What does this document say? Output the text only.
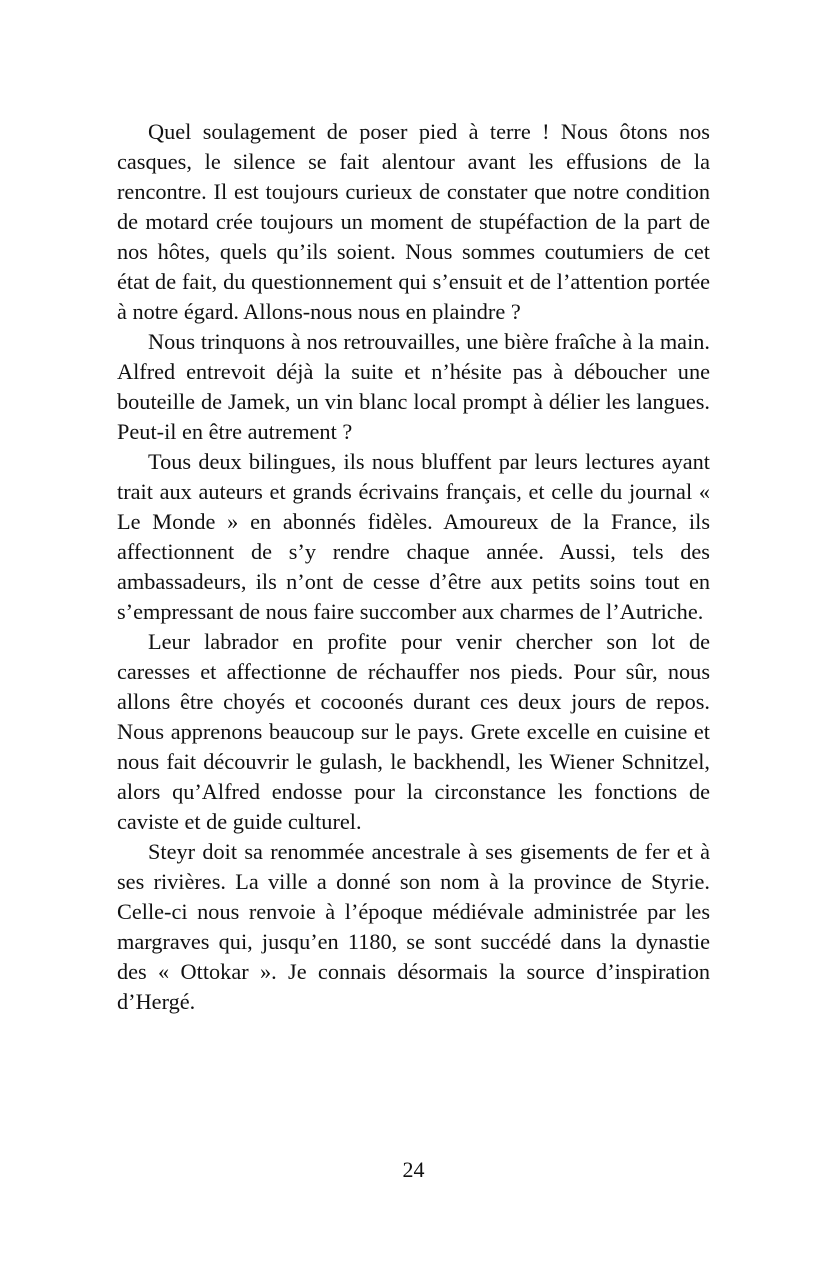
Quel soulagement de poser pied à terre ! Nous ôtons nos casques, le silence se fait alentour avant les effusions de la rencontre. Il est toujours curieux de constater que notre condition de motard crée toujours un moment de stupéfaction de la part de nos hôtes, quels qu’ils soient. Nous sommes coutumiers de cet état de fait, du questionnement qui s’ensuit et de l’attention portée à notre égard. Allons-nous nous en plaindre ?

Nous trinquons à nos retrouvailles, une bière fraîche à la main. Alfred entrevoit déjà la suite et n’hésite pas à déboucher une bouteille de Jamek, un vin blanc local prompt à délier les langues. Peut-il en être autrement ?

Tous deux bilingues, ils nous bluffent par leurs lectures ayant trait aux auteurs et grands écrivains français, et celle du journal « Le Monde » en abonnés fidèles. Amoureux de la France, ils affectionnent de s’y rendre chaque année. Aussi, tels des ambassadeurs, ils n’ont de cesse d’être aux petits soins tout en s’empressant de nous faire succomber aux charmes de l’Autriche.

Leur labrador en profite pour venir chercher son lot de caresses et affectionne de réchauffer nos pieds. Pour sûr, nous allons être choyés et cocoonés durant ces deux jours de repos. Nous apprenons beaucoup sur le pays. Grete excelle en cuisine et nous fait découvrir le gulash, le backhendl, les Wiener Schnitzel, alors qu’Alfred endosse pour la circonstance les fonctions de caviste et de guide culturel.

Steyr doit sa renommée ancestrale à ses gisements de fer et à ses rivières. La ville a donné son nom à la province de Styrie. Celle-ci nous renvoie à l’époque médiévale administrée par les margraves qui, jusqu’en 1180, se sont succédé dans la dynastie des « Ottokar ». Je connais désormais la source d’inspiration d’Hergé.

24
